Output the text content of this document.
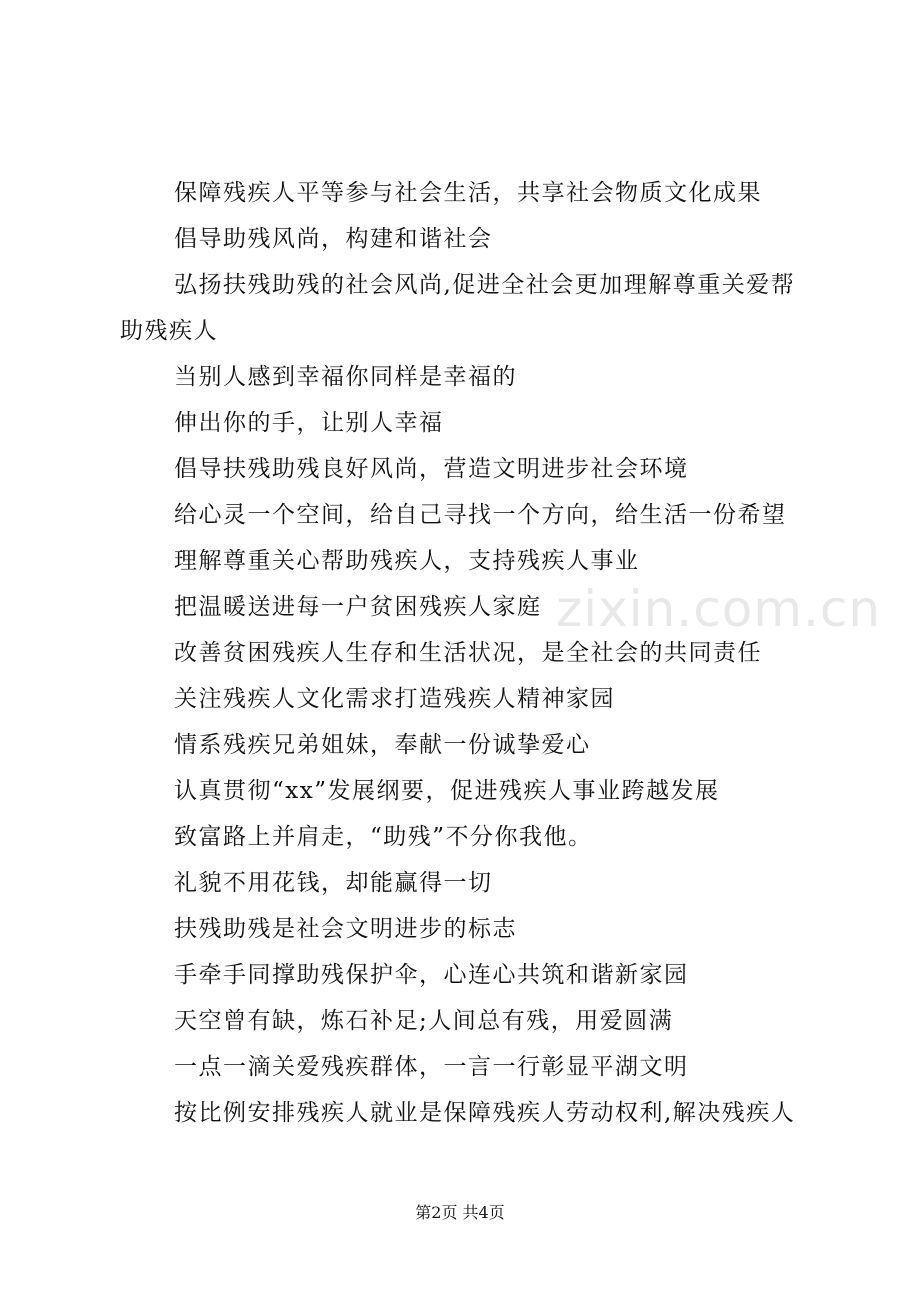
保障残疾人平等参与社会生活，共享社会物质文化成果
倡导助残风尚，构建和谐社会
弘扬扶残助残的社会风尚,促进全社会更加理解尊重关爱帮
助残疾人
当别人感到幸福你同样是幸福的
伸出你的手，让别人幸福
倡导扶残助残良好风尚，营造文明进步社会环境
给心灵一个空间，给自己寻找一个方向，给生活一份希望
理解尊重关心帮助残疾人，支持残疾人事业
把温暖送进每一户贫困残疾人家庭
改善贫困残疾人生存和生活状况，是全社会的共同责任
关注残疾人文化需求打造残疾人精神家园
情系残疾兄弟姐妹，奉献一份诚挚爱心
认真贯彻“xx”发展纲要，促进残疾人事业跨越发展
致富路上并肩走，“助残”不分你我他。
礼貌不用花钱，却能赢得一切
扶残助残是社会文明进步的标志
手牵手同撑助残保护伞，心连心共筑和谐新家园
天空曾有缺，炼石补足;人间总有残，用爱圆满
一点一滴关爱残疾群体，一言一行彰显平湖文明
按比例安排残疾人就业是保障残疾人劳动权利,解决残疾人
zixin.com.cn
第2页 共4页
